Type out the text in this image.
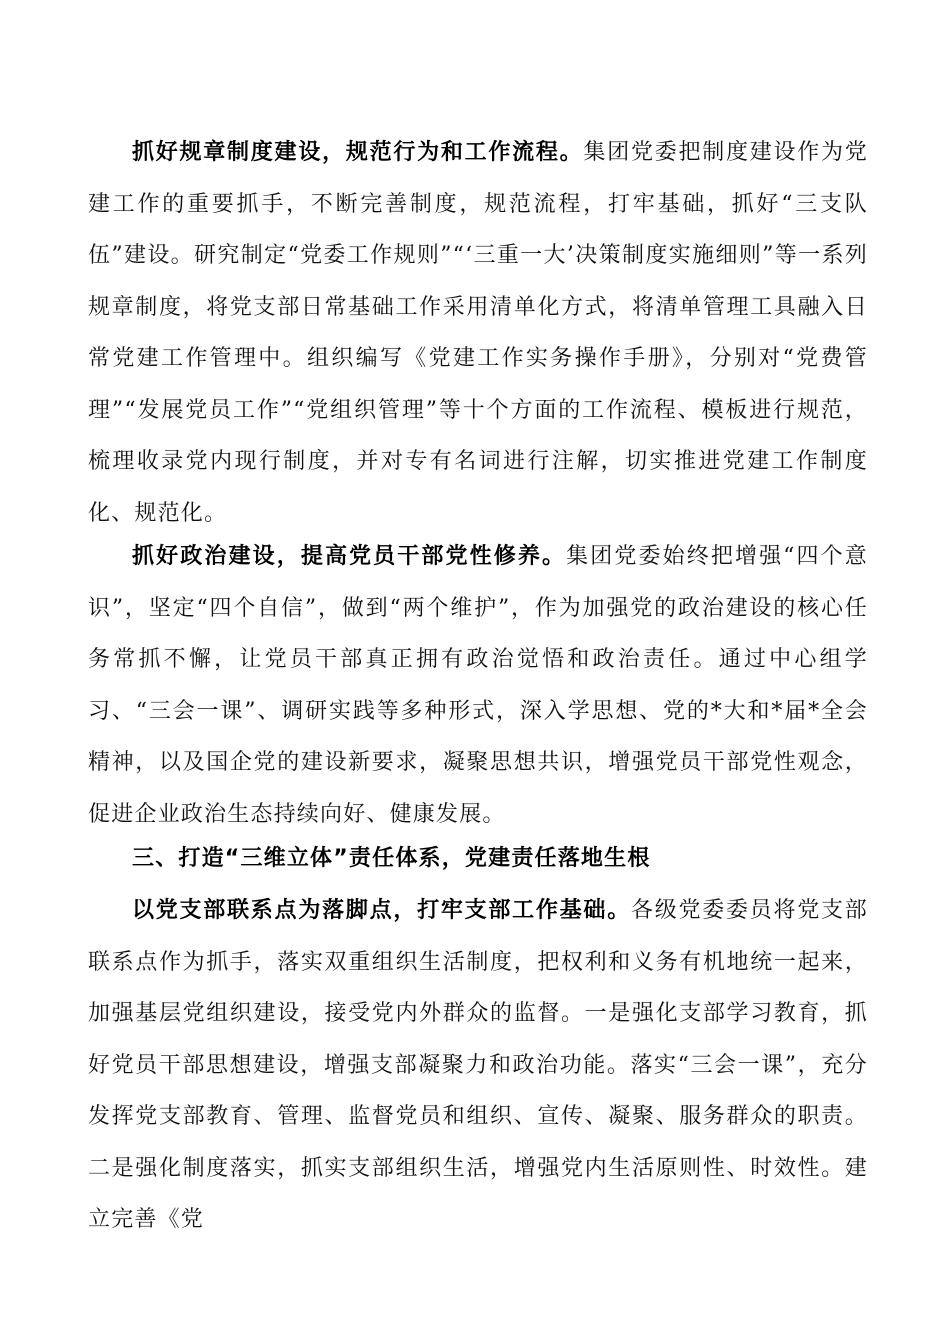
抓好规章制度建设，规范行为和工作流程。集团党委把制度建设作为党建工作的重要抓手，不断完善制度，规范流程，打牢基础，抓好“三支队伍”建设。研究制定“党委工作规则”“‘三重一大’决策制度实施细则”等一系列规章制度，将党支部日常基础工作采用清单化方式，将清单管理工具融入日常党建工作管理中。组织编写《党建工作实务操作手册》，分别对“党费管理”“发展党员工作”“党组织管理”等十个方面的工作流程、模板进行规范，梳理收录党内现行制度，并对专有名词进行注解，切实推进党建工作制度化、规范化。

抓好政治建设，提高党员干部党性修养。集团党委始终把增强“四个意识”，坚定“四个自信”，做到“两个维护”，作为加强党的政治建设的核心任务常抓不懈，让党员干部真正拥有政治觉悟和政治责任。通过中心组学习、“三会一课”、调研实践等多种形式，深入学思想、党的*大和*届*全会精神，以及国企党的建设新要求，凝聚思想共识，增强党员干部党性观念，促进企业政治生态持续向好、健康发展。

三、打造“三维立体”责任体系，党建责任落地生根

以党支部联系点为落脚点，打牢支部工作基础。各级党委委员将党支部联系点作为抓手，落实双重组织生活制度，把权利和义务有机地统一起来，加强基层党组织建设，接受党内外群众的监督。一是强化支部学习教育，抓好党员干部思想建设，增强支部凝聚力和政治功能。落实“三会一课”，充分发挥党支部教育、管理、监督党员和组织、宣传、凝聚、服务群众的职责。二是强化制度落实，抓实支部组织生活，增强党内生活原则性、时效性。建立完善《党
